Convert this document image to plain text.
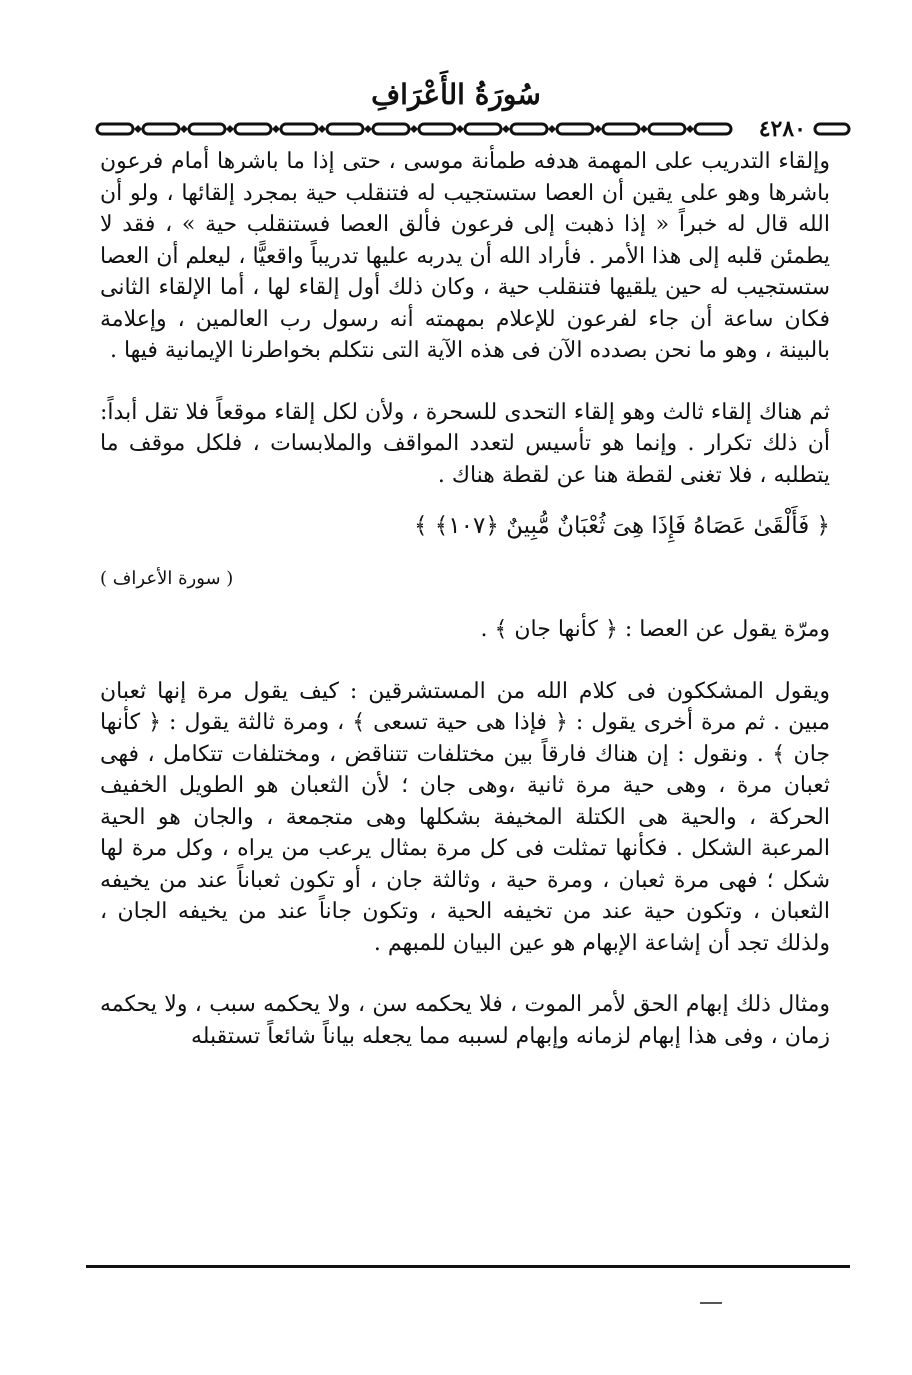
سُورَةُ الأَعْرَافِ
٤٢٨٠

وإلقاء التدريب على المهمة هدفه طمأنة موسى ، حتى إذا ما باشرها أمام فرعون باشرها وهو على يقين أن العصا ستستجيب له فتنقلب حية بمجرد إلقائها ، ولو أن الله قال له خبراً « إذا ذهبت إلى فرعون فألق العصا فستنقلب حية » ، فقد لا يطمئن قلبه إلى هذا الأمر . فأراد الله أن يدربه عليها تدريباً واقعيًّا ، ليعلم أن العصا ستستجيب له حين يلقيها فتنقلب حية ، وكان ذلك أول إلقاء لها ، أما الإلقاء الثانى فكان ساعة أن جاء لفرعون للإعلام بمهمته أنه رسول رب العالمين ، وإعلامة بالبينة ، وهو ما نحن بصدده الآن فى هذه الآية التى نتكلم بخواطرنا الإيمانية فيها .

ثم هناك إلقاء ثالث وهو إلقاء التحدى للسحرة ، ولأن لكل إلقاء موقعاً فلا تقل أبداً: أن ذلك تكرار . وإنما هو تأسيس لتعدد المواقف والملابسات ، فلكل موقف ما يتطلبه ، فلا تغنى لقطة هنا عن لقطة هناك .

﴿ فَأَلْقَىٰ عَصَاهُ فَإِذَا هِىَ ثُعْبَانٌ مُّبِينٌ ﴿١٠٧﴾ ﴾

( سورة الأعراف )

ومرّة يقول عن العصا : ﴿ كأنها جان ﴾ .

ويقول المشككون فى كلام الله من المستشرقين : كيف يقول مرة إنها ثعبان مبين . ثم مرة أخرى يقول : ﴿ فإذا هى حية تسعى ﴾ ، ومرة ثالثة يقول : ﴿ كأنها جان ﴾ . ونقول : إن هناك فارقاً بين مختلفات تتناقض ، ومختلفات تتكامل ، فهى ثعبان مرة ، وهى حية مرة ثانية ،وهى جان ؛ لأن الثعبان هو الطويل الخفيف الحركة ، والحية هى الكتلة المخيفة بشكلها وهى متجمعة ، والجان هو الحية المرعبة الشكل . فكأنها تمثلت فى كل مرة بمثال يرعب من يراه ، وكل مرة لها شكل ؛ فهى مرة ثعبان ، ومرة حية ، وثالثة جان ، أو تكون ثعباناً عند من يخيفه الثعبان ، وتكون حية عند من تخيفه الحية ، وتكون جاناً عند من يخيفه الجان ، ولذلك تجد أن إشاعة الإبهام هو عين البيان للمبهم .

ومثال ذلك إبهام الحق لأمر الموت ، فلا يحكمه سن ، ولا يحكمه سبب ، ولا يحكمه زمان ، وفى هذا إبهام لزمانه وإبهام لسببه مما يجعله بياناً شائعاً تستقبله
